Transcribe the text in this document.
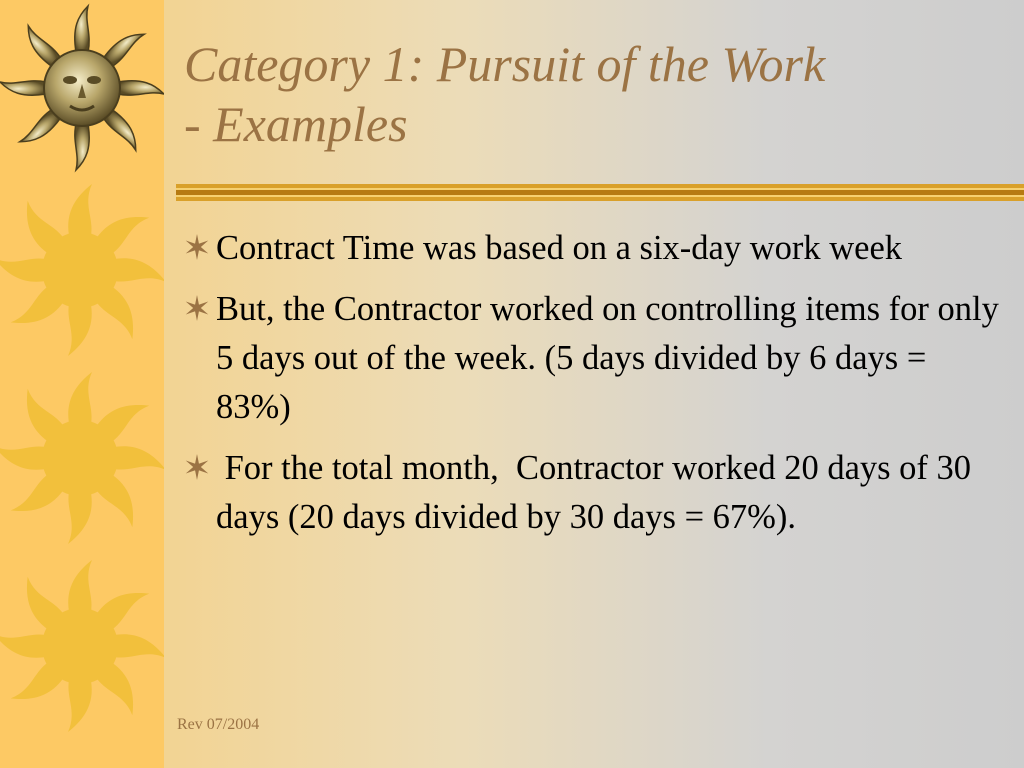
Category 1: Pursuit of the Work
- Examples
Contract Time was based on a six-day work week
But, the Contractor worked on controlling items for only 5 days out of the week. (5 days divided by 6 days = 83%)
For the total month,  Contractor worked 20 days of 30 days (20 days divided by 30 days = 67%).
Rev 07/2004
